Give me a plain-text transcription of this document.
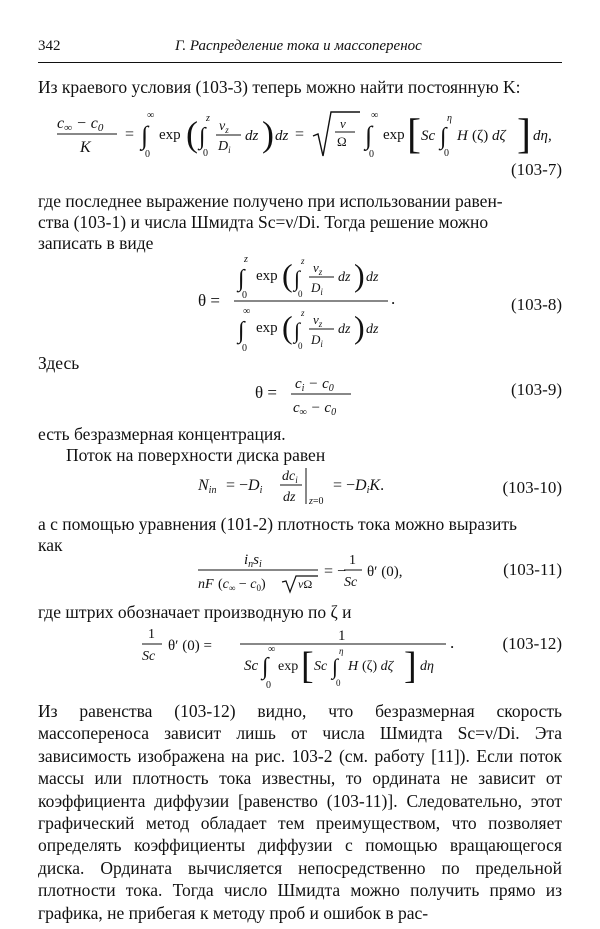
342	Г. Распределение тока и массоперенос
Из краевого условия (103-3) теперь можно найти постоянную K:
c∞ − c0
K
= ∫
∞
0
exp ( ∫
z
0
$v_z$
$D_i$
dz ) dz =
ν
Ω ∫
∞
0
exp [ Sc ∫
η
0
H (ζ) dζ ] dη,
(103-7)
где последнее выражение получено при использовании равен-
ства (103-1) и числа Шмидта Sc=ν/Di. Тогда решение можно
записать в виде
θ =
∫
z
0
exp ( ∫
z
0
$v_z$
$D_i$
dz ) dz
.
∫
∞
0
exp ( ∫
z
0
$v_z$
$D_i$
dz ) dz
(103-8)
Здесь
$\theta = c_i - c_0$
$c_\infty - c_0$
(103-9)
есть безразмерная концентрация.
Поток на поверхности диска равен
Nin = −Di
$dc_i$
dz z=0
= −DiK.	(103-10)
а с помощью уравнения (101-2) плотность тока можно выразить
как
$i_ns_i$
nF $(c_\infty - c_0)$	νΩ
= −
1
Sc
θ′ (0),	(103-11)
где штрих обозначает производную по ζ и
1
Sc
θ′ (0) =
1	.
Sc ∫
∞
0
exp [ Sc ∫
η
0
H (ζ) dζ ] dη
(103-12)
Из равенства (103-12) видно, что безразмерная скорость массопереноса зависит лишь от числа Шмидта Sc=ν/Di. Эта зависимость изображена на рис. 103-2 (см. работу [11]). Если поток массы или плотность тока известны, то ордината не зависит от коэффициента диффузии [равенство (103-11)]. Следовательно, этот графический метод обладает тем преимуществом, что позволяет определять коэффициенты диффузии с помощью вращающегося диска. Ордината вычисляется непосредственно по предельной плотности тока. Тогда число Шмидта можно получить прямо из графика, не прибегая к методу проб и ошибок в рас-
